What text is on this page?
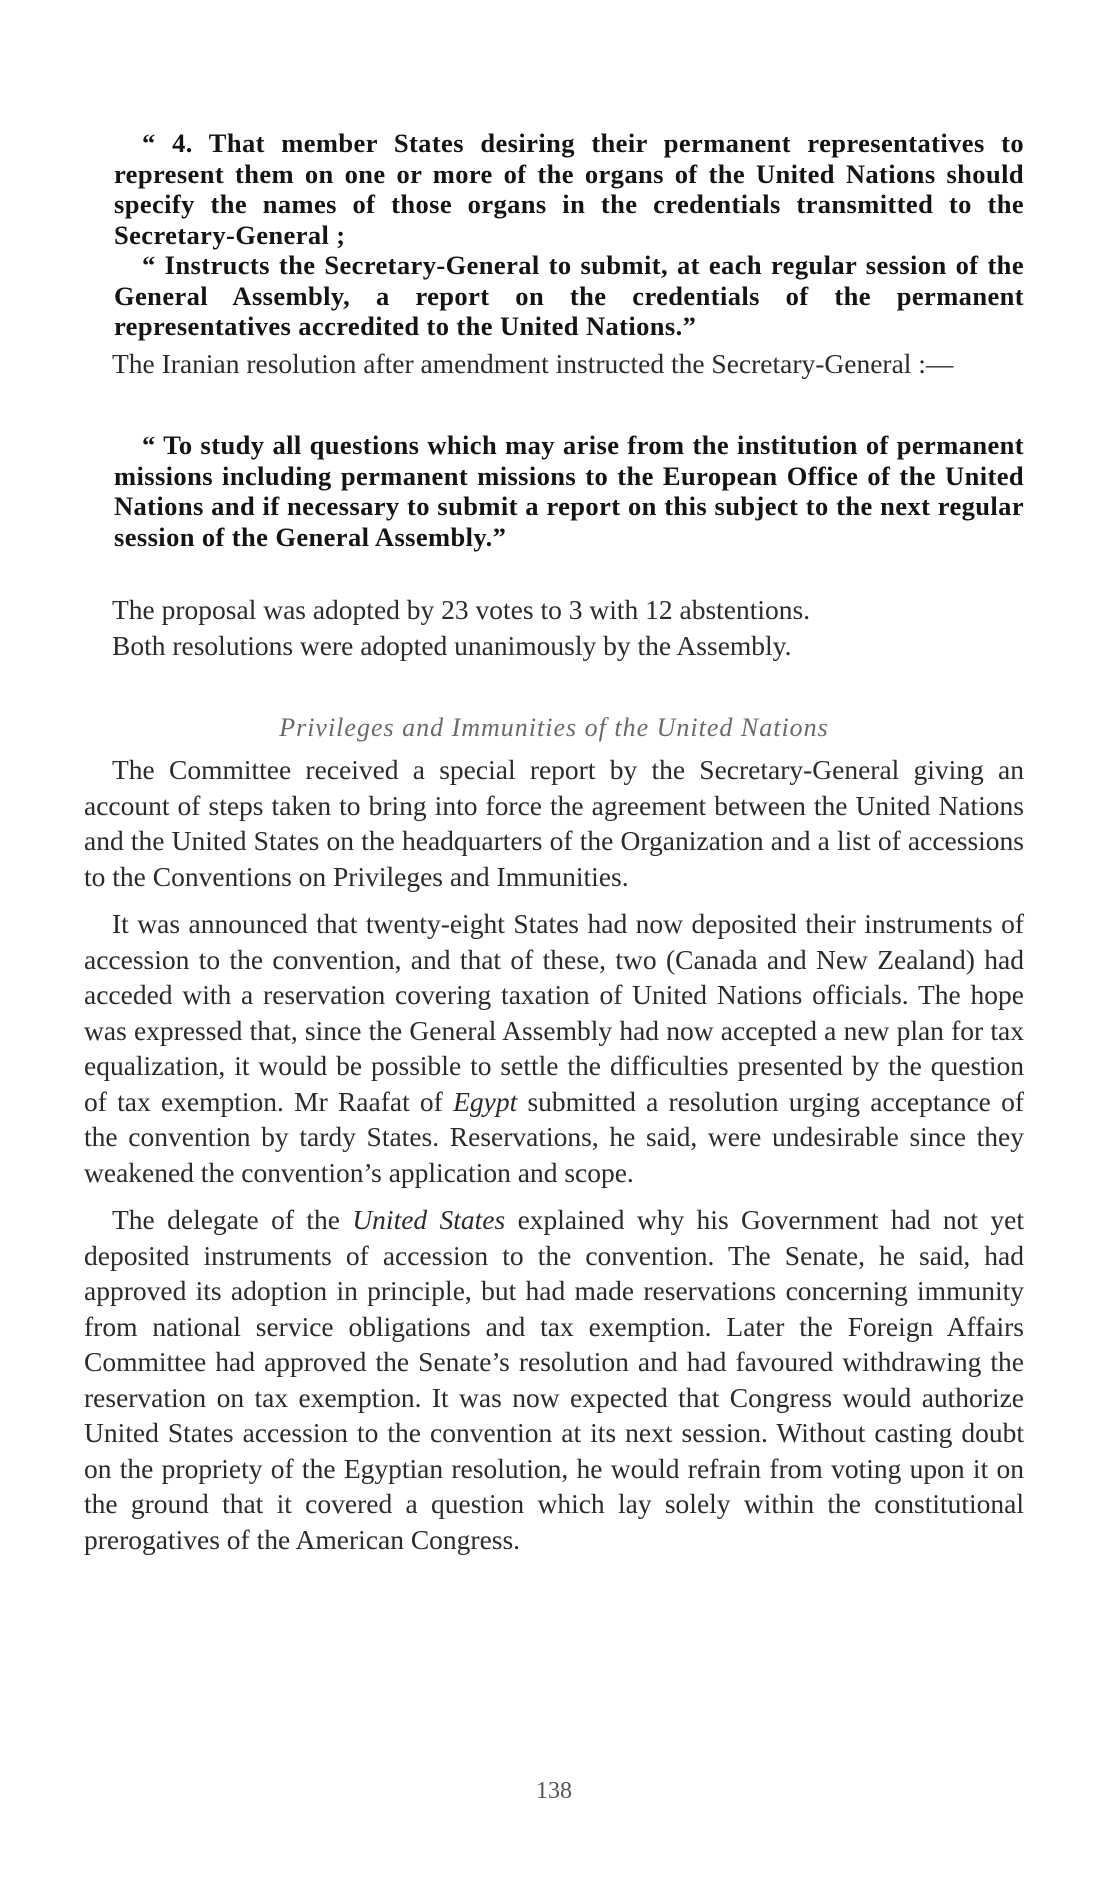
“ 4. That member States desiring their permanent representatives to represent them on one or more of the organs of the United Nations should specify the names of those organs in the credentials transmitted to the Secretary-General ;

“ Instructs the Secretary-General to submit, at each regular session of the General Assembly, a report on the credentials of the permanent representatives accredited to the United Nations.”

The Iranian resolution after amendment instructed the Secretary-General :—

“ To study all questions which may arise from the institution of permanent missions including permanent missions to the European Office of the United Nations and if necessary to submit a report on this subject to the next regular session of the General Assembly.”

The proposal was adopted by 23 votes to 3 with 12 abstentions.

Both resolutions were adopted unanimously by the Assembly.

Privileges and Immunities of the United Nations

The Committee received a special report by the Secretary-General giving an account of steps taken to bring into force the agreement between the United Nations and the United States on the headquarters of the Organization and a list of accessions to the Conventions on Privileges and Immunities.

It was announced that twenty-eight States had now deposited their instruments of accession to the convention, and that of these, two (Canada and New Zealand) had acceded with a reservation covering taxation of United Nations officials. The hope was expressed that, since the General Assembly had now accepted a new plan for tax equalization, it would be possible to settle the difficulties presented by the question of tax exemption. Mr Raafat of Egypt submitted a resolution urging acceptance of the convention by tardy States. Reservations, he said, were undesirable since they weakened the convention’s application and scope.

The delegate of the United States explained why his Government had not yet deposited instruments of accession to the convention. The Senate, he said, had approved its adoption in principle, but had made reservations concerning immunity from national service obligations and tax exemption. Later the Foreign Affairs Committee had approved the Senate’s resolution and had favoured withdrawing the reservation on tax exemption. It was now expected that Congress would authorize United States accession to the convention at its next session. Without casting doubt on the propriety of the Egyptian resolution, he would refrain from voting upon it on the ground that it covered a question which lay solely within the constitutional prerogatives of the American Congress.

138
